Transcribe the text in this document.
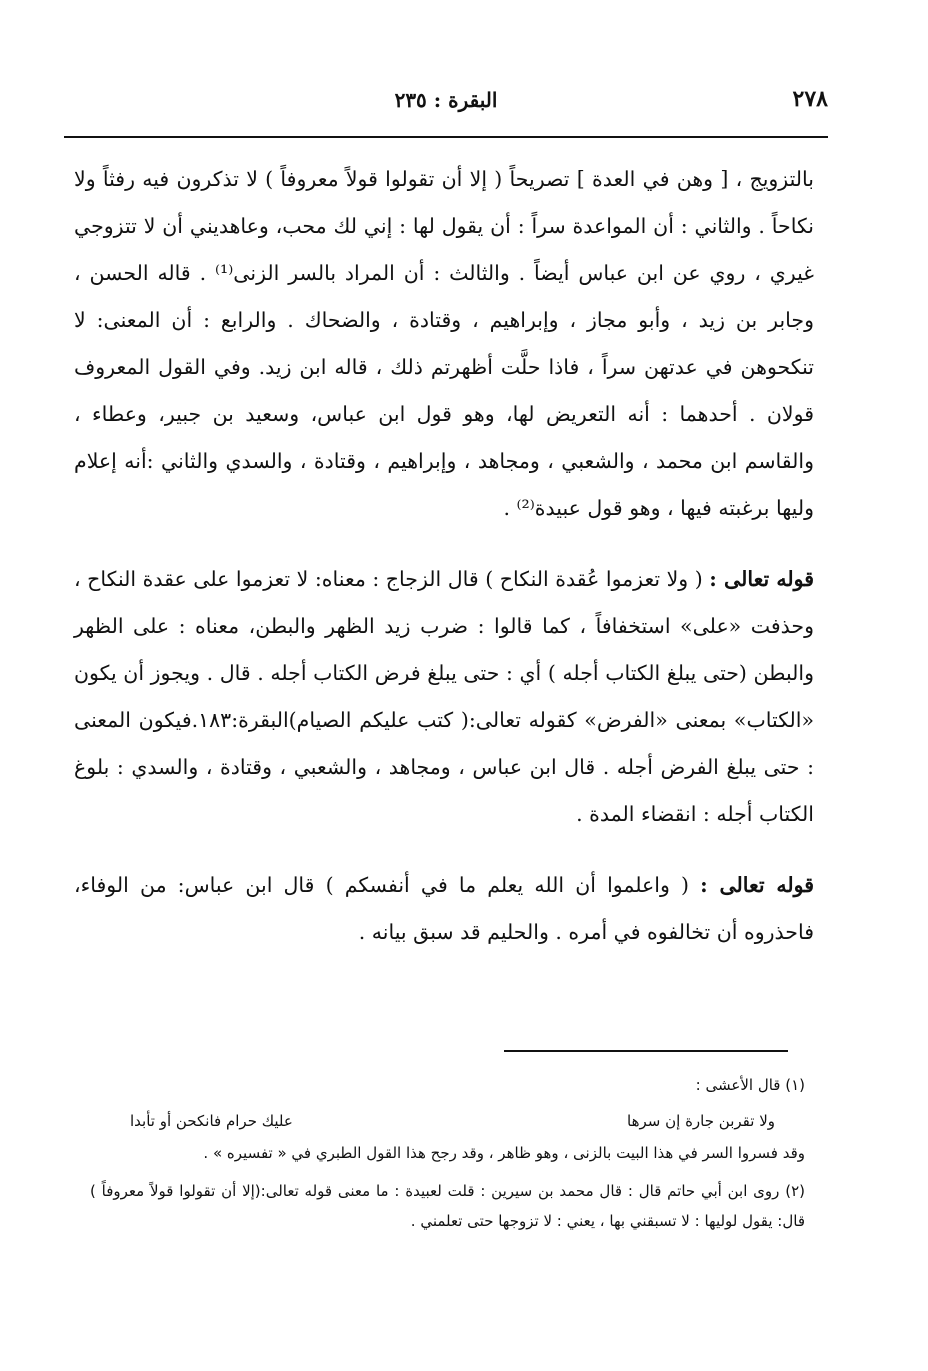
٢٧٨
البقرة : ٢٣٥

بالتزويج ، [ وهن في العدة ] تصريحاً ( إلا أن تقولوا قولاً معروفاً ) لا تذكرون فيه رفثاً ولا نكاحاً . والثاني : أن المواعدة سراً : أن يقول لها : إني لك محب، وعاهديني أن لا تتزوجي غيري ، روي عن ابن عباس أيضاً . والثالث : أن المراد بالسر الزنى⁽¹⁾ . قاله الحسن ، وجابر بن زيد ، وأبو مجاز ، وإبراهيم ، وقتادة ، والضحاك . والرابع : أن المعنى: لا تنكحوهن في عدتهن سراً ، فاذا حلَّت أظهرتم ذلك ، قاله ابن زيد. وفي القول المعروف قولان . أحدهما : أنه التعريض لها، وهو قول ابن عباس، وسعيد بن جبير، وعطاء ، والقاسم ابن محمد ، والشعبي ، ومجاهد ، وإبراهيم ، وقتادة ، والسدي والثاني :أنه إعلام وليها برغبته فيها ، وهو قول عبيدة⁽²⁾ .

قوله تعالى : ( ولا تعزموا عُقدة النكاح ) قال الزجاج : معناه: لا تعزموا على عقدة النكاح ، وحذفت «على» استخفافاً ، كما قالوا : ضرب زيد الظهر والبطن، معناه : على الظهر والبطن (حتى يبلغ الكتاب أجله ) أي : حتى يبلغ فرض الكتاب أجله . قال . ويجوز أن يكون «الكتاب» بمعنى «الفرض» كقوله تعالى:( كتب عليكم الصيام)البقرة:١٨٣.فيكون المعنى : حتى يبلغ الفرض أجله . قال ابن عباس ، ومجاهد ، والشعبي ، وقتادة ، والسدي : بلوغ الكتاب أجله : انقضاء المدة .

قوله تعالى : ( واعلموا أن الله يعلم ما في أنفسكم ) قال ابن عباس: من الوفاء، فاحذروه أن تخالفوه في أمره . والحليم قد سبق بيانه .

(١) قال الأعشى :

ولا تقربن جارة إن سرها
عليك حرام فانكحن أو تأبدا

وقد فسروا السر في هذا البيت بالزنى ، وهو ظاهر ، وقد رجح هذا القول الطبري في « تفسيره » .

(٢) روى ابن أبي حاتم قال : قال محمد بن سيرين : قلت لعبيدة : ما معنى قوله تعالى:(إلا أن تقولوا قولاً معروفاً ) قال: يقول لوليها : لا تسبقني بها ، يعني : لا تزوجها حتى تعلمني .
